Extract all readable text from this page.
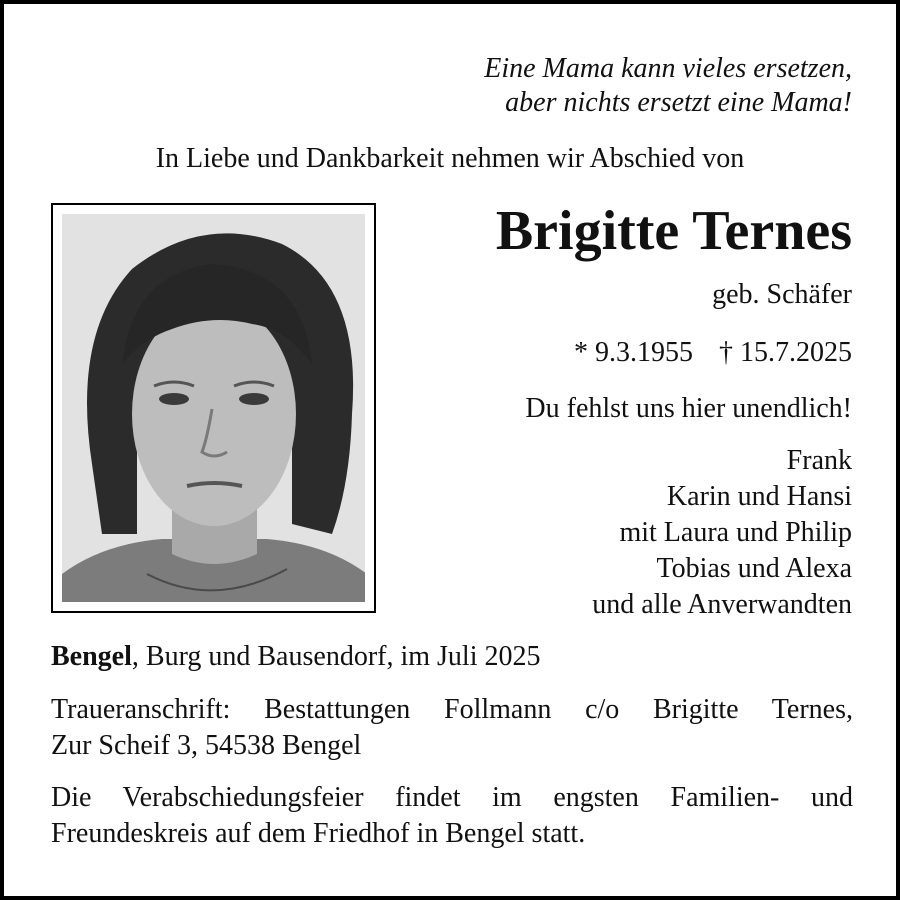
Eine Mama kann vieles ersetzen,
aber nichts ersetzt eine Mama!
In Liebe und Dankbarkeit nehmen wir Abschied von
Brigitte Ternes
geb. Schäfer
* 9.3.1955 † 15.7.2025
Du fehlst uns hier unendlich!
Frank
Karin und Hansi
mit Laura und Philip
Tobias und Alexa
und alle Anverwandten
Bengel, Burg und Bausendorf, im Juli 2025
Traueranschrift: Bestattungen Follmann c/o Brigitte Ternes,
Zur Scheif 3, 54538 Bengel
Die Verabschiedungsfeier findet im engsten Familien- und
Freundeskreis auf dem Friedhof in Bengel statt.
